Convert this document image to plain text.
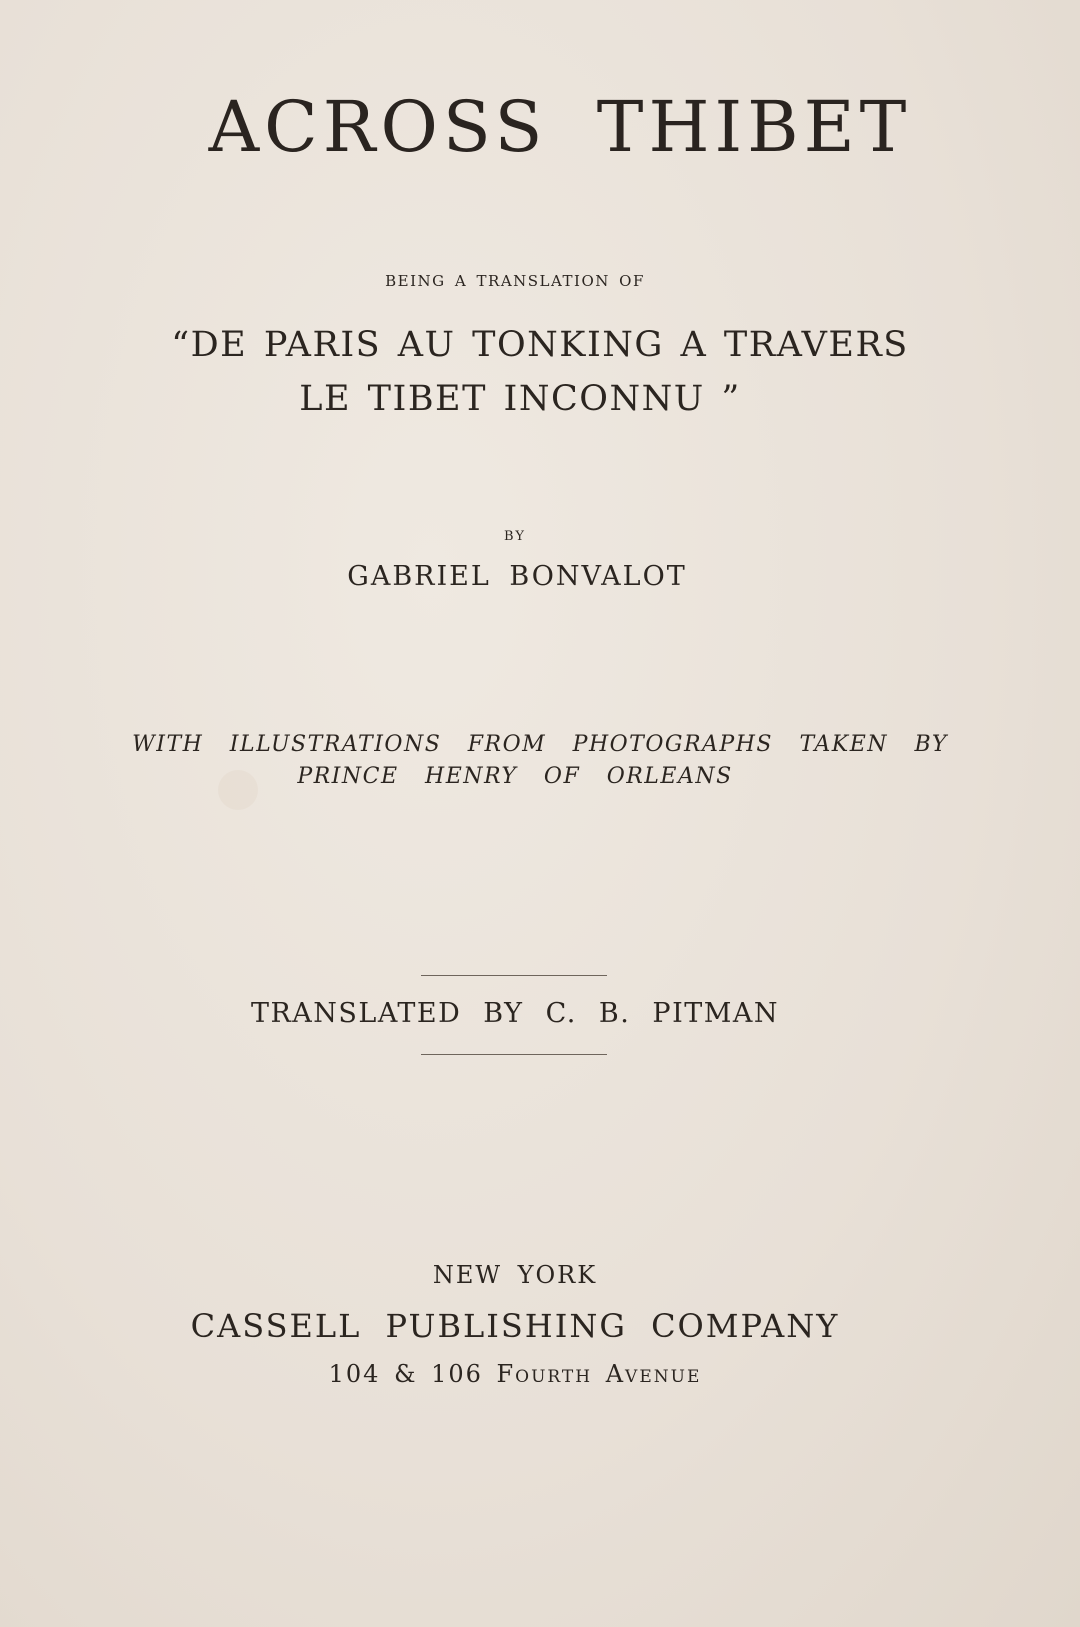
ACROSS THIBET
BEING A TRANSLATION OF
“DE PARIS AU TONKING A TRAVERS
LE TIBET INCONNU ”
BY
GABRIEL BONVALOT
WITH ILLUSTRATIONS FROM PHOTOGRAPHS TAKEN BY
PRINCE HENRY OF ORLEANS
TRANSLATED BY C. B. PITMAN
NEW YORK
CASSELL PUBLISHING COMPANY
104 & 106 Fourth Avenue
